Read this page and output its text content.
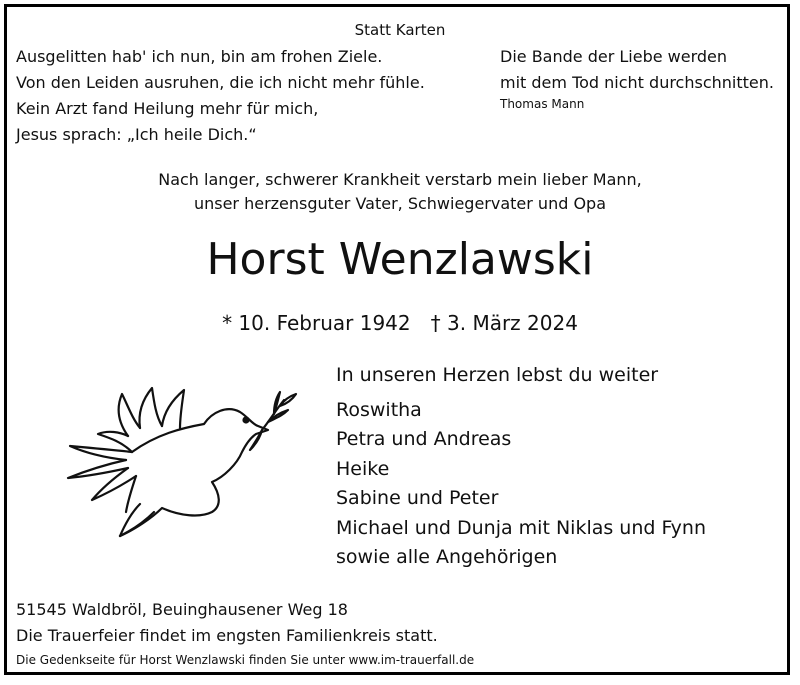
Statt Karten
Ausgelitten hab' ich nun, bin am frohen Ziele.
Von den Leiden ausruhen, die ich nicht mehr fühle.
Kein Arzt fand Heilung mehr für mich,
Jesus sprach: „Ich heile Dich.“
Die Bande der Liebe werden
mit dem Tod nicht durchschnitten.
Thomas Mann
Nach langer, schwerer Krankheit verstarb mein lieber Mann,
unser herzensguter Vater, Schwiegervater und Opa
Horst Wenzlawski
* 10. Februar 1942 † 3. März 2024
In unseren Herzen lebst du weiter
Roswitha
Petra und Andreas
Heike
Sabine und Peter
Michael und Dunja mit Niklas und Fynn
sowie alle Angehörigen
51545 Waldbröl, Beuinghausener Weg 18
Die Trauerfeier findet im engsten Familienkreis statt.
Die Gedenkseite für Horst Wenzlawski finden Sie unter www.im-trauerfall.de
